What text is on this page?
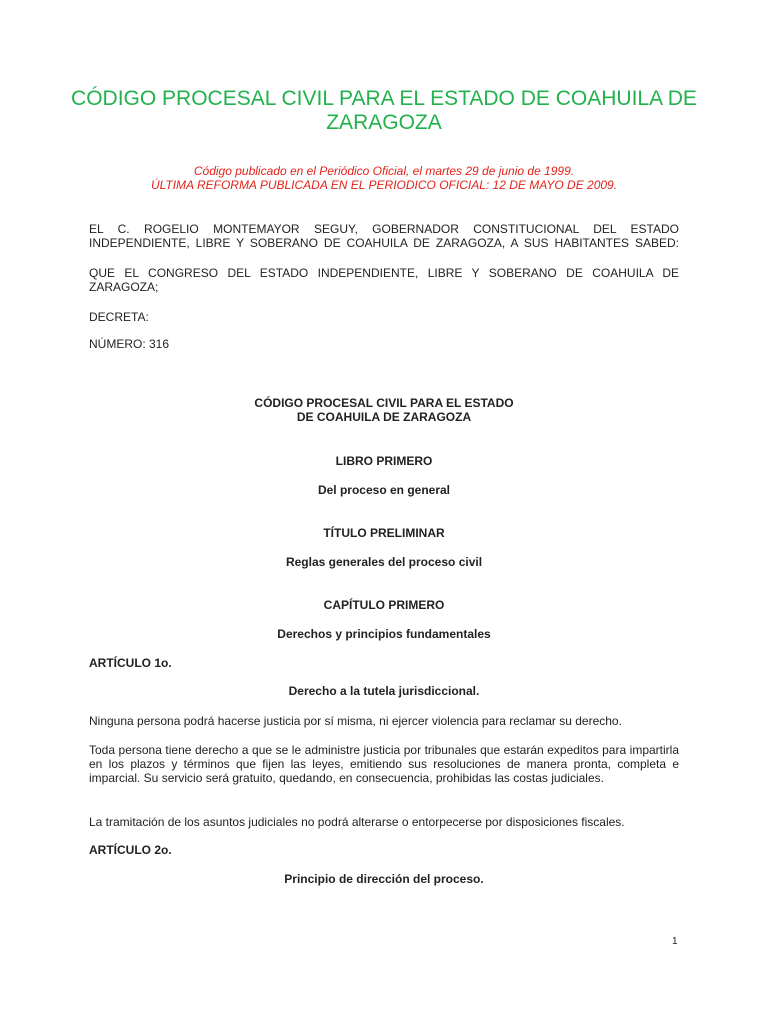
CÓDIGO PROCESAL CIVIL PARA EL ESTADO DE COAHUILA DE ZARAGOZA

Código publicado en el Periódico Oficial, el martes 29 de junio de 1999.
ÚLTIMA REFORMA PUBLICADA EN EL PERIODICO OFICIAL: 12 DE MAYO DE 2009.

EL C. ROGELIO MONTEMAYOR SEGUY, GOBERNADOR CONSTITUCIONAL DEL ESTADO INDEPENDIENTE, LIBRE Y SOBERANO DE COAHUILA DE ZARAGOZA, A SUS HABITANTES SABED:

QUE EL CONGRESO DEL ESTADO INDEPENDIENTE, LIBRE Y SOBERANO DE COAHUILA DE ZARAGOZA;

DECRETA:

NÚMERO: 316

CÓDIGO PROCESAL CIVIL PARA EL ESTADO
DE COAHUILA DE ZARAGOZA

LIBRO PRIMERO

Del proceso en general

TÍTULO PRELIMINAR

Reglas generales del proceso civil

CAPÍTULO PRIMERO

Derechos y principios fundamentales

ARTÍCULO 1o.

Derecho a la tutela jurisdiccional.

Ninguna persona podrá hacerse justicia por sí misma, ni ejercer violencia para reclamar su derecho.

Toda persona tiene derecho a que se le administre justicia por tribunales que estarán expeditos para impartirla en los plazos y términos que fijen las leyes, emitiendo sus resoluciones de manera pronta, completa e imparcial. Su servicio será gratuito, quedando, en consecuencia, prohibidas las costas judiciales.

La tramitación de los asuntos judiciales no podrá alterarse o entorpecerse por disposiciones fiscales.

ARTÍCULO 2o.

Principio de dirección del proceso.

1
